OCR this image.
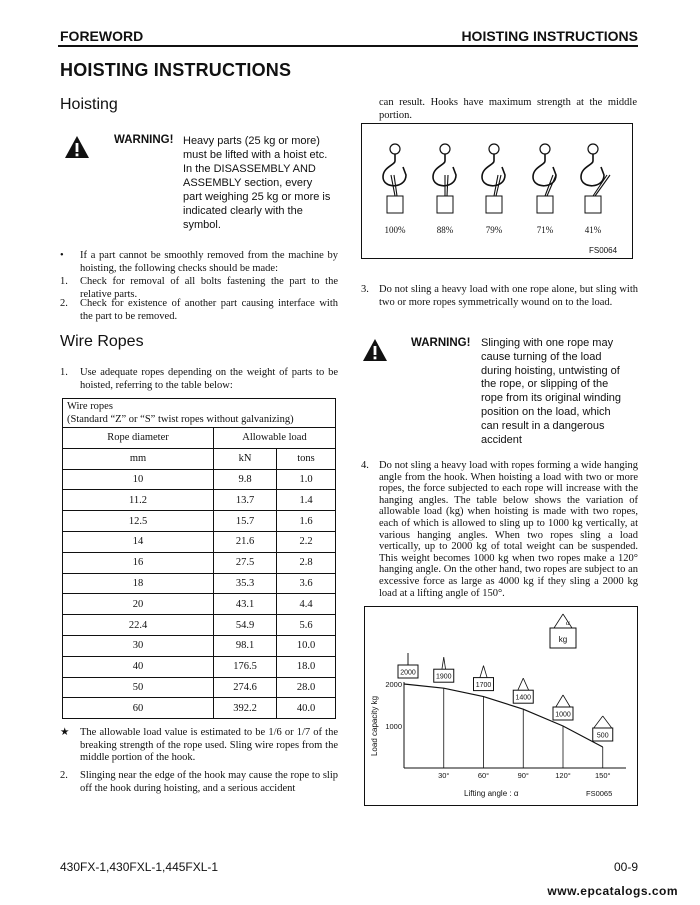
FOREWORD	HOISTING INSTRUCTIONS
HOISTING INSTRUCTIONS
Hoisting
WARNING! Heavy parts (25 kg or more)
must be lifted with a hoist etc.
In the DISASSEMBLY AND
ASSEMBLY section, every
part weighing 25 kg or more is
indicated clearly with the
symbol.
• If a part cannot be smoothly removed from the machine by hoisting, the following checks should be made:
1. Check for removal of all bolts fastening the part to the relative parts.
2. Check for existence of another part causing interface with the part to be removed.
Wire Ropes
1. Use adequate ropes depending on the weight of parts to be hoisted, referring to the table below:
Wire ropes
(Standard “Z” or “S” twist ropes without galvanizing)		

Rope diameter	Allowable load	
mm	kN	tons
10	9.8	1.0
11.2	13.7	1.4
12.5	15.7	1.6
14	21.6	2.2
16	27.5	2.8
18	35.3	3.6
20	43.1	4.4
22.4	54.9	5.6
30	98.1	10.0
40	176.5	18.0
50	274.6	28.0
60	392.2	40.0
★ The allowable load value is estimated to be 1/6 or 1/7 of the breaking strength of the rope used. Sling wire ropes from the middle portion of the hook.
2. Slinging near the edge of the hook may cause the rope to slip off the hook during hoisting, and a serious accident
can result. Hooks have maximum strength at the middle portion.
100%	88%	79%	71%	41%
FS0064
3. Do not sling a heavy load with one rope alone, but sling with two or more ropes symmetrically wound on to the load.
WARNING! Slinging with one rope may
cause turning of the load
during hoisting, untwisting of
the rope, or slipping of the
rope from its original winding
position on the load, which
can result in a dangerous
accident
4. Do not sling a heavy load with ropes forming a wide hanging angle from the hook. When hoisting a load with two or more ropes, the force subjected to each rope will increase with the hanging angles. The table below shows the variation of allowable load (kg) when hoisting is made with two ropes, each of which is allowed to sling up to 1000 kg vertically, at various hanging angles. When two ropes sling a load vertically, up to 2000 kg of total weight can be suspended. This weight becomes 1000 kg when two ropes make a 120° hanging angle. On the other hand, two ropes are subject to an excessive force as large as 4000 kg if they sling a 2000 kg load at a lifting angle of 150°.
2000
1000
Load capacity kg
30°	60°	90°	120°	150°
2000
1900
1700
1400
1000
500
α
kg
Lifting angle : α	FS0065
430FX-1,430FXL-1,445FXL-1	00-9
www.epcatalogs.com
